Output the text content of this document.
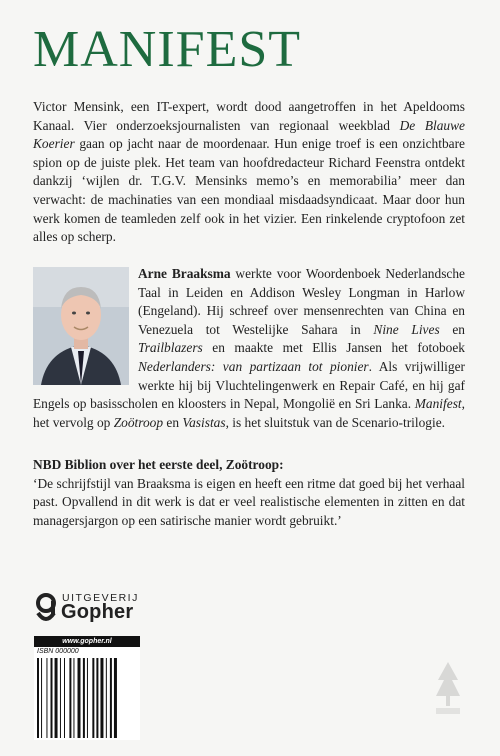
MANIFEST

Victor Mensink, een IT-expert, wordt dood aangetroffen in het Apeldooms Kanaal. Vier onderzoeksjournalisten van regionaal weekblad De Blauwe Koerier gaan op jacht naar de moordenaar. Hun enige troef is een onzichtbare spion op de juiste plek. Het team van hoofdredacteur Richard Feenstra ontdekt dankzij ‘wijlen dr. T.G.V. Mensinks memo’s en memorabilia’ meer dan verwacht: de machinaties van een mondiaal misdaadsyndicaat. Maar door hun werk komen de teamleden zelf ook in het vizier. Een rinkelende cryptofoon zet alles op scherp.

Arne Braaksma werkte voor Woordenboek Nederlandsche Taal in Leiden en Addison Wesley Longman in Harlow (Engeland). Hij schreef over mensenrechten van China en Venezuela tot Westelijke Sahara in Nine Lives en Trailblazers en maakte met Ellis Jansen het fotoboek Nederlanders: van partizaan tot pionier. Als vrijwilliger werkte hij bij Vluchtelingenwerk en Repair Café, en hij gaf Engels op basisscholen en kloosters in Nepal, Mongolië en Sri Lanka. Manifest, het vervolg op Zoötroop en Vasistas, is het sluitstuk van de Scenario-trilogie.

NBD Biblion over het eerste deel, Zoötroop:
‘De schrijfstijl van Braaksma is eigen en heeft een ritme dat goed bij het verhaal past. Opvallend in dit werk is dat er veel realistische elementen in zitten en dat managersjargon op een satirische manier wordt gebruikt.’

UITGEVERIJ
Gopher
www.gopher.nl
ISBN 000000
